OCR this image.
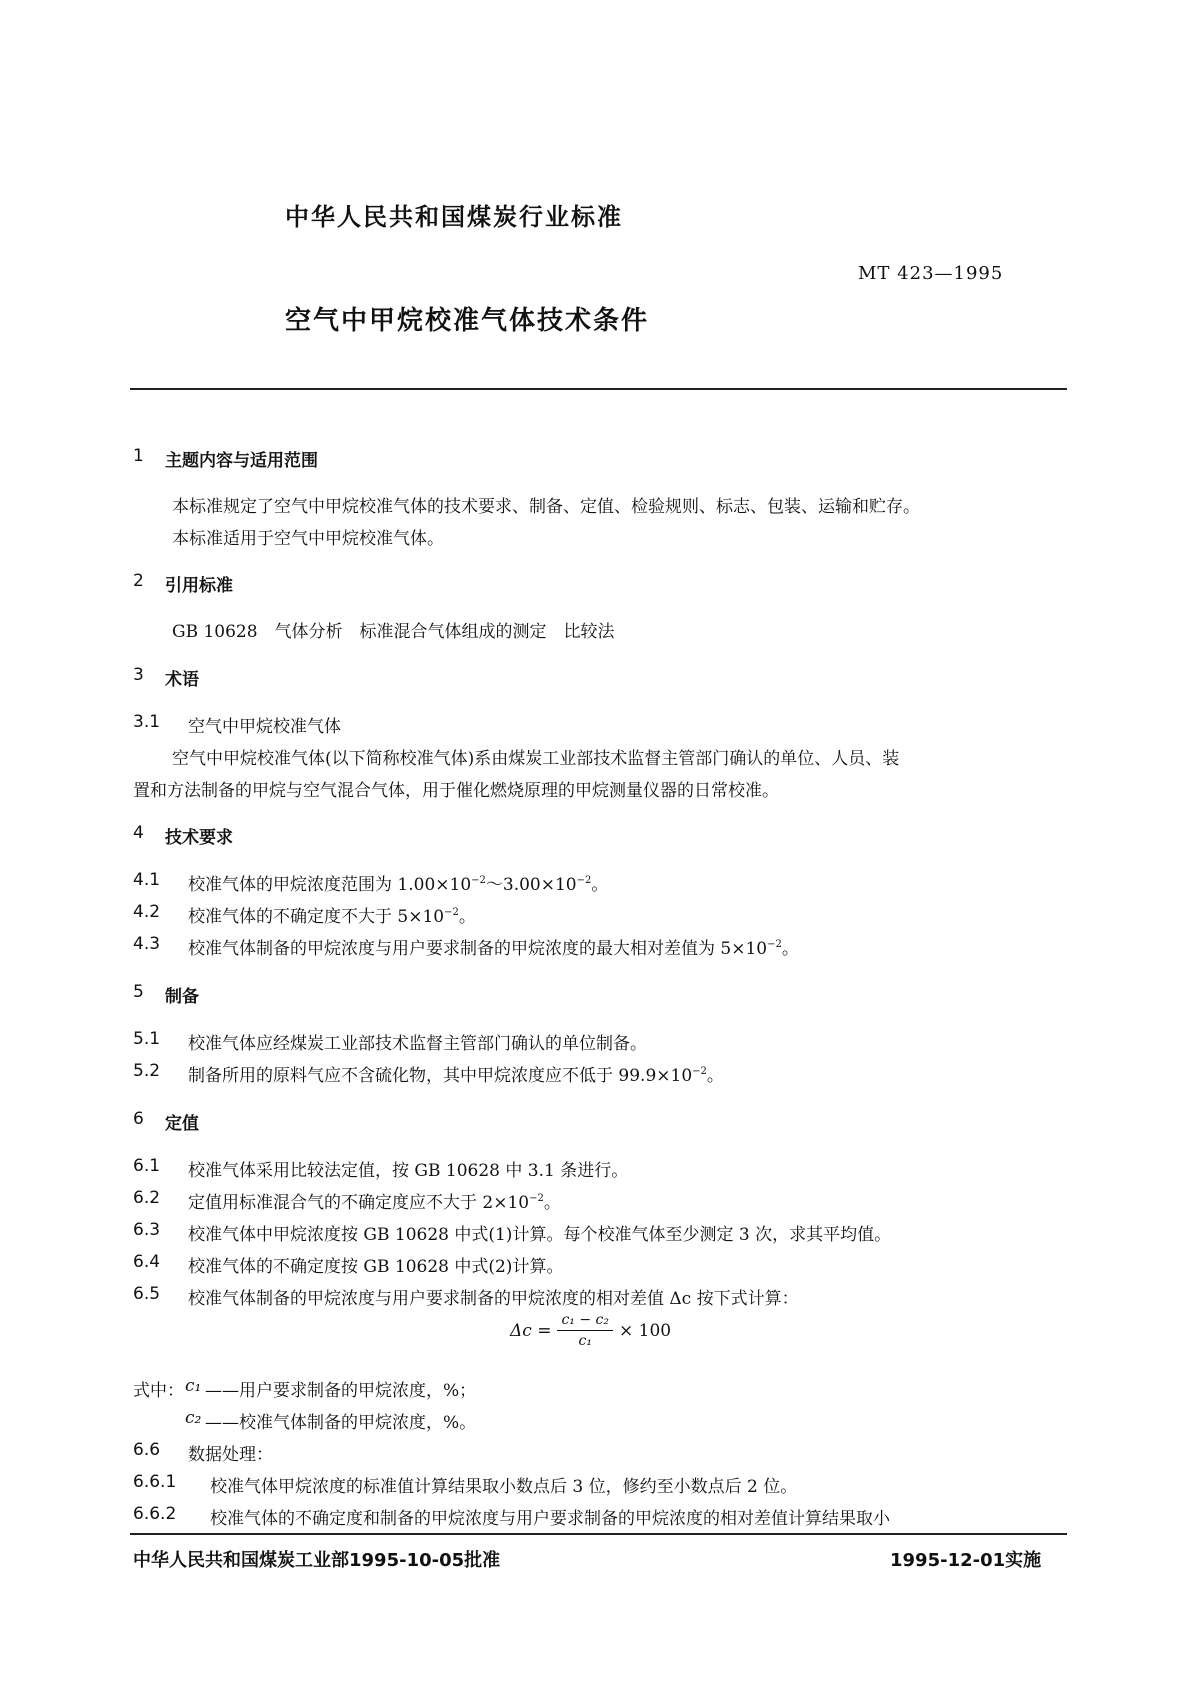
中华人民共和国煤炭行业标准
MT 423—1995
空气中甲烷校准气体技术条件
1 主题内容与适用范围
本标准规定了空气中甲烷校准气体的技术要求、制备、定值、检验规则、标志、包装、运输和贮存。
本标准适用于空气中甲烷校准气体。
2 引用标准
GB 10628　气体分析　标准混合气体组成的测定　比较法
3 术语
3.1 空气中甲烷校准气体
空气中甲烷校准气体(以下简称校准气体)系由煤炭工业部技术监督主管部门确认的单位、人员、装
置和方法制备的甲烷与空气混合气体，用于催化燃烧原理的甲烷测量仪器的日常校准。
4 技术要求
4.1 校准气体的甲烷浓度范围为 $1.00\times 10^{-2}\sim 3.00\times 10^{-2}$。
4.2 校准气体的不确定度不大于 $5\times 10^{-2}$。
4.3 校准气体制备的甲烷浓度与用户要求制备的甲烷浓度的最大相对差值为 $5\times 10^{-2}$。
5 制备
5.1 校准气体应经煤炭工业部技术监督主管部门确认的单位制备。
5.2 制备所用的原料气应不含硫化物，其中甲烷浓度应不低于 $99.9\times 10^{-2}$。
6 定值
6.1 校准气体采用比较法定值，按 GB 10628 中 3.1 条进行。
6.2 定值用标准混合气的不确定度应不大于 $2\times 10^{-2}$。
6.3 校准气体中甲烷浓度按 GB 10628 中式(1)计算。每个校准气体至少测定 3 次，求其平均值。
6.4 校准气体的不确定度按 GB 10628 中式(2)计算。
6.5 校准气体制备的甲烷浓度与用户要求制备的甲烷浓度的相对差值 Δc 按下式计算：
$\Delta c = \frac{\text{c₁ − c₂}}{\text{c₁}} \times 100$
式中： c₁ ——用户要求制备的甲烷浓度，%；
c₂ ——校准气体制备的甲烷浓度，%。
6.6 数据处理：
6.6.1 校准气体甲烷浓度的标准值计算结果取小数点后 3 位，修约至小数点后 2 位。
6.6.2 校准气体的不确定度和制备的甲烷浓度与用户要求制备的甲烷浓度的相对差值计算结果取小
中华人民共和国煤炭工业部1995-10-05批准	1995-12-01实施
